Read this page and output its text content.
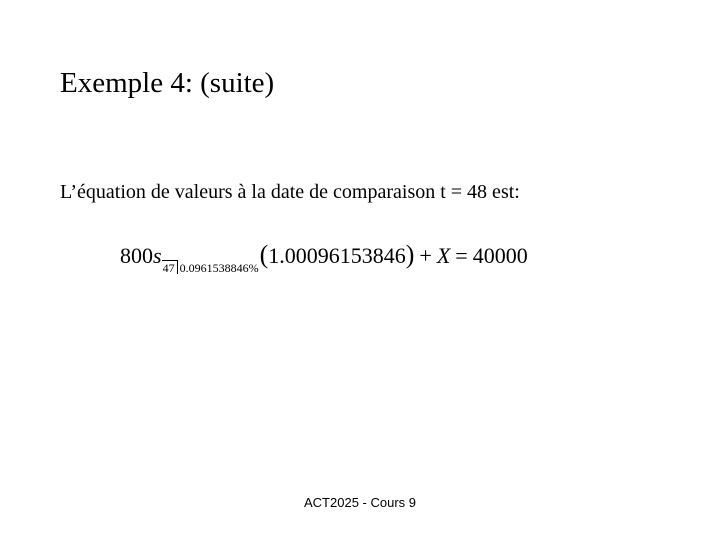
Exemple 4: (suite)
L’équation de valeurs à la date de comparaison t = 48 est:
800 s 47 0.0961538846% ( 1.00096153846 ) + X = 40000
ACT2025 - Cours 9
